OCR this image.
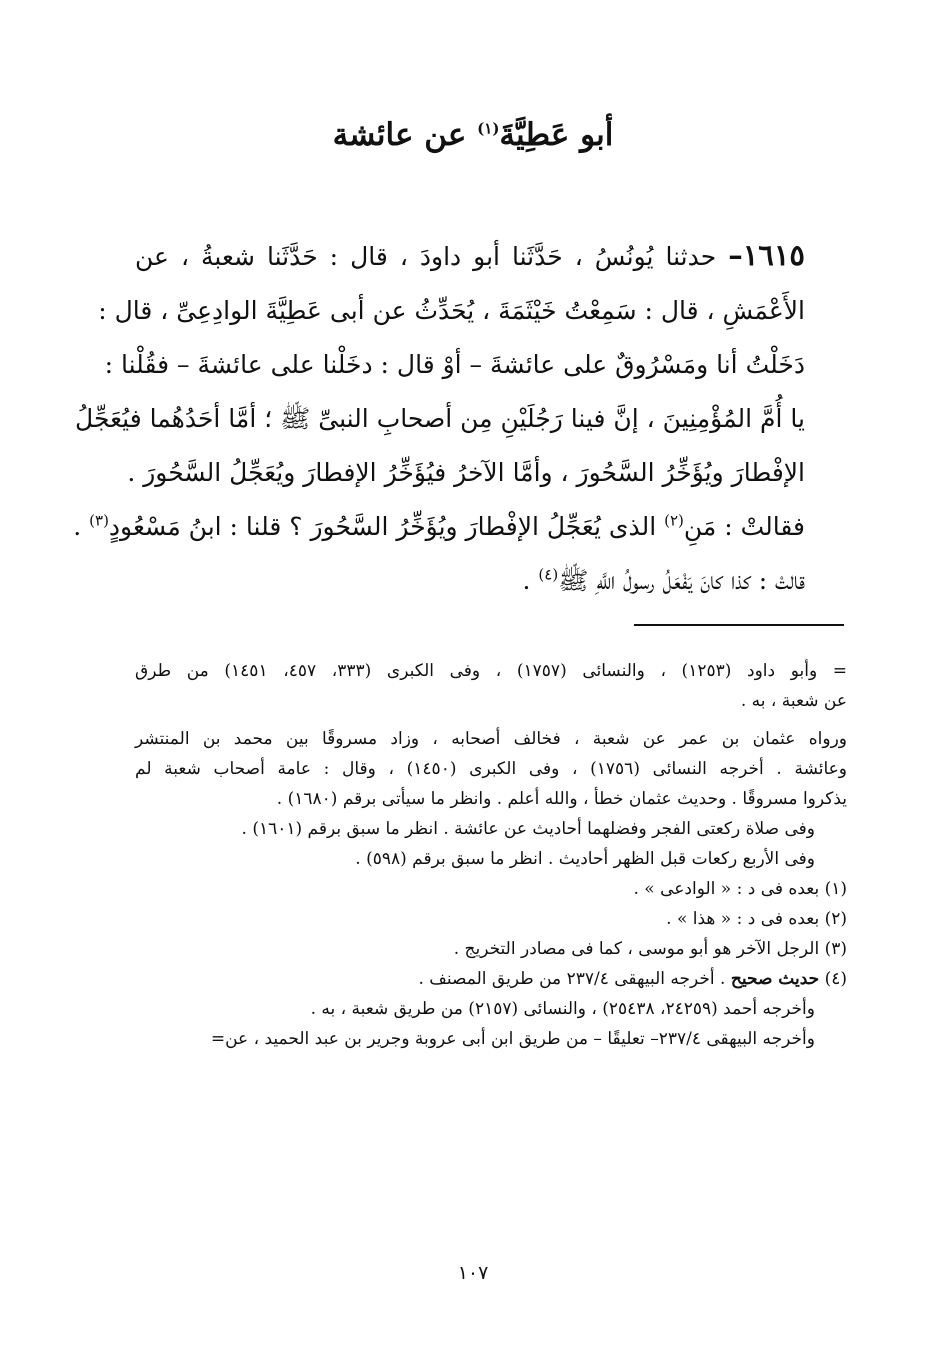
أبو عَطِيَّةَ$^{(١)}$ عن عائشة
١٦١٥– حدثنا يُونُسُ ، حَدَّثَنا أبو داودَ ، قال : حَدَّثَنا شعبةُ ، عن
الأَعْمَشِ ، قال : سَمِعْتُ خَيْثَمَةَ ، يُحَدِّثُ عن أبى عَطِيَّةَ الوادِعِىِّ ، قال :
دَخَلْتُ أنا ومَسْرُوقٌ على عائشةَ – أوْ قال : دخَلْنا على عائشةَ – فقُلْنا :
يا أُمَّ المُؤْمِنِينَ ، إنَّ فينا رَجُلَيْنِ مِن أصحابِ النبىِّ ﷺ ؛ أمَّا أحَدُهُما فيُعَجِّلُ
الإفْطارَ ويُؤَخِّرُ السَّحُورَ ، وأمَّا الآخرُ فيُؤَخِّرُ الإفطارَ ويُعَجِّلُ السَّحُورَ .
فقالتْ : مَنِ$^{(٢)}$ الذى يُعَجِّلُ الإفْطارَ ويُؤَخِّرُ السَّحُورَ ؟ قلنا : ابنُ مَسْعُودٍ$^{(٣)}$ .
قالتْ : كذا كانَ يَفْعَلُ رسولُ اللَّهِ ﷺ$^{(٤)}$ .
= وأبو داود (١٢٥٣) ، والنسائى (١٧٥٧) ، وفى الكبرى (٣٣٣، ٤٥٧، ١٤٥١) من طرق
عن شعبة ، به .
ورواه عثمان بن عمر عن شعبة ، فخالف أصحابه ، وزاد مسروقًا بين محمد بن المنتشر
وعائشة . أخرجه النسائى (١٧٥٦) ، وفى الكبرى (١٤٥٠) ، وقال : عامة أصحاب شعبة لم
يذكروا مسروقًا . وحديث عثمان خطأ ، والله أعلم . وانظر ما سيأتى برقم (١٦٨٠) .
وفى صلاة ركعتى الفجر وفضلهما أحاديث عن عائشة . انظر ما سبق برقم (١٦٠١) .
وفى الأربع ركعات قبل الظهر أحاديث . انظر ما سبق برقم (٥٩٨) .
(١) بعده فى د : « الوادعى » .
(٢) بعده فى د : « هذا » .
(٣) الرجل الآخر هو أبو موسى ، كما فى مصادر التخريج .
(٤) حديث صحيح . أخرجه البيهقى ٢٣٧/٤ من طريق المصنف .
وأخرجه أحمد (٢٤٢٥٩، ٢٥٤٣٨) ، والنسائى (٢١٥٧) من طريق شعبة ، به .
وأخرجه البيهقى ٢٣٧/٤– تعليقًا – من طريق ابن أبى عروبة وجرير بن عبد الحميد ، عن=
١٠٧
